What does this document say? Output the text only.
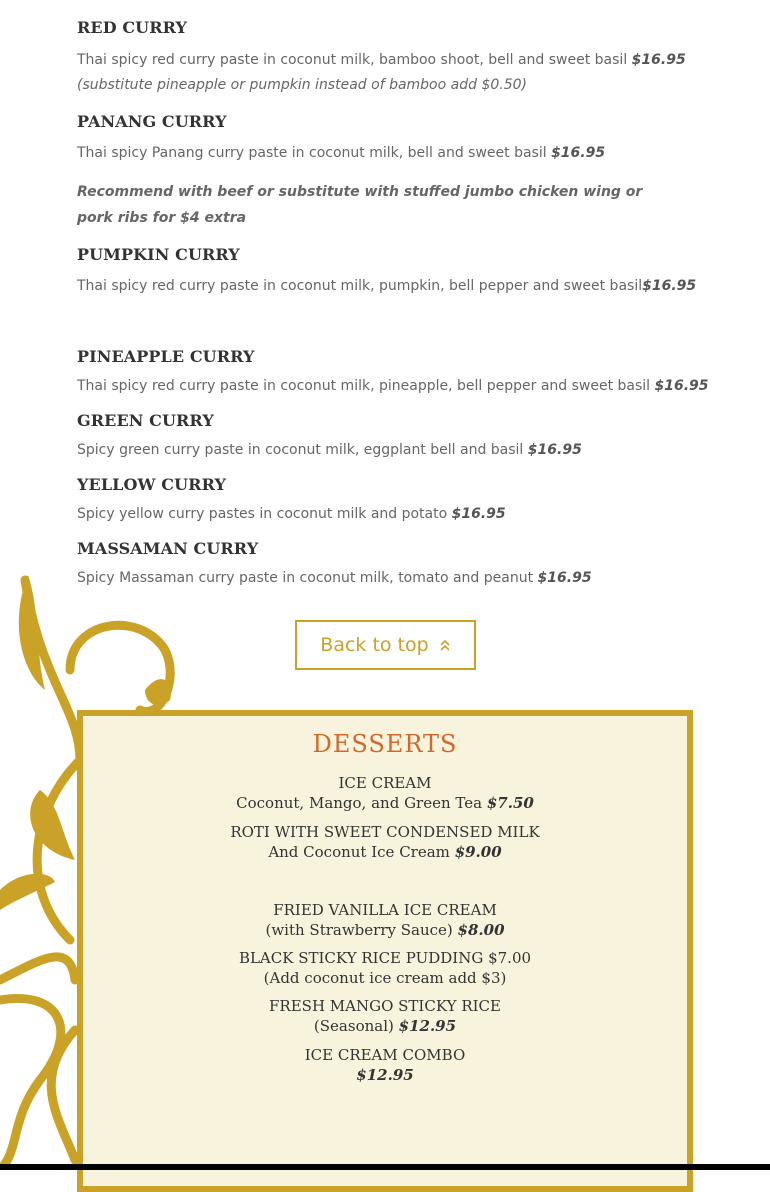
RED CURRY
Thai spicy red curry paste in coconut milk, bamboo shoot, bell and sweet basil $16.95
(substitute pineapple or pumpkin instead of bamboo add $0.50)
PANANG CURRY
Thai spicy Panang curry paste in coconut milk, bell and sweet basil $16.95
Recommend with beef or substitute with stuffed jumbo chicken wing or pork ribs for $4 extra
PUMPKIN CURRY
Thai spicy red curry paste in coconut milk, pumpkin, bell pepper and sweet basil$16.95
PINEAPPLE CURRY
Thai spicy red curry paste in coconut milk, pineapple, bell pepper and sweet basil $16.95
GREEN CURRY
Spicy green curry paste in coconut milk, eggplant bell and basil $16.95
YELLOW CURRY
Spicy yellow curry pastes in coconut milk and potato $16.95
MASSAMAN CURRY
Spicy Massaman curry paste in coconut milk, tomato and peanut $16.95
Back to top
DESSERTS
ICE CREAM
Coconut, Mango, and Green Tea $7.50
ROTI WITH SWEET CONDENSED MILK
And Coconut Ice Cream $9.00
FRIED VANILLA ICE CREAM
(with Strawberry Sauce) $8.00
BLACK STICKY RICE PUDDING $7.00
(Add coconut ice cream add $3)
FRESH MANGO STICKY RICE
(Seasonal) $12.95
ICE CREAM COMBO
$12.95
